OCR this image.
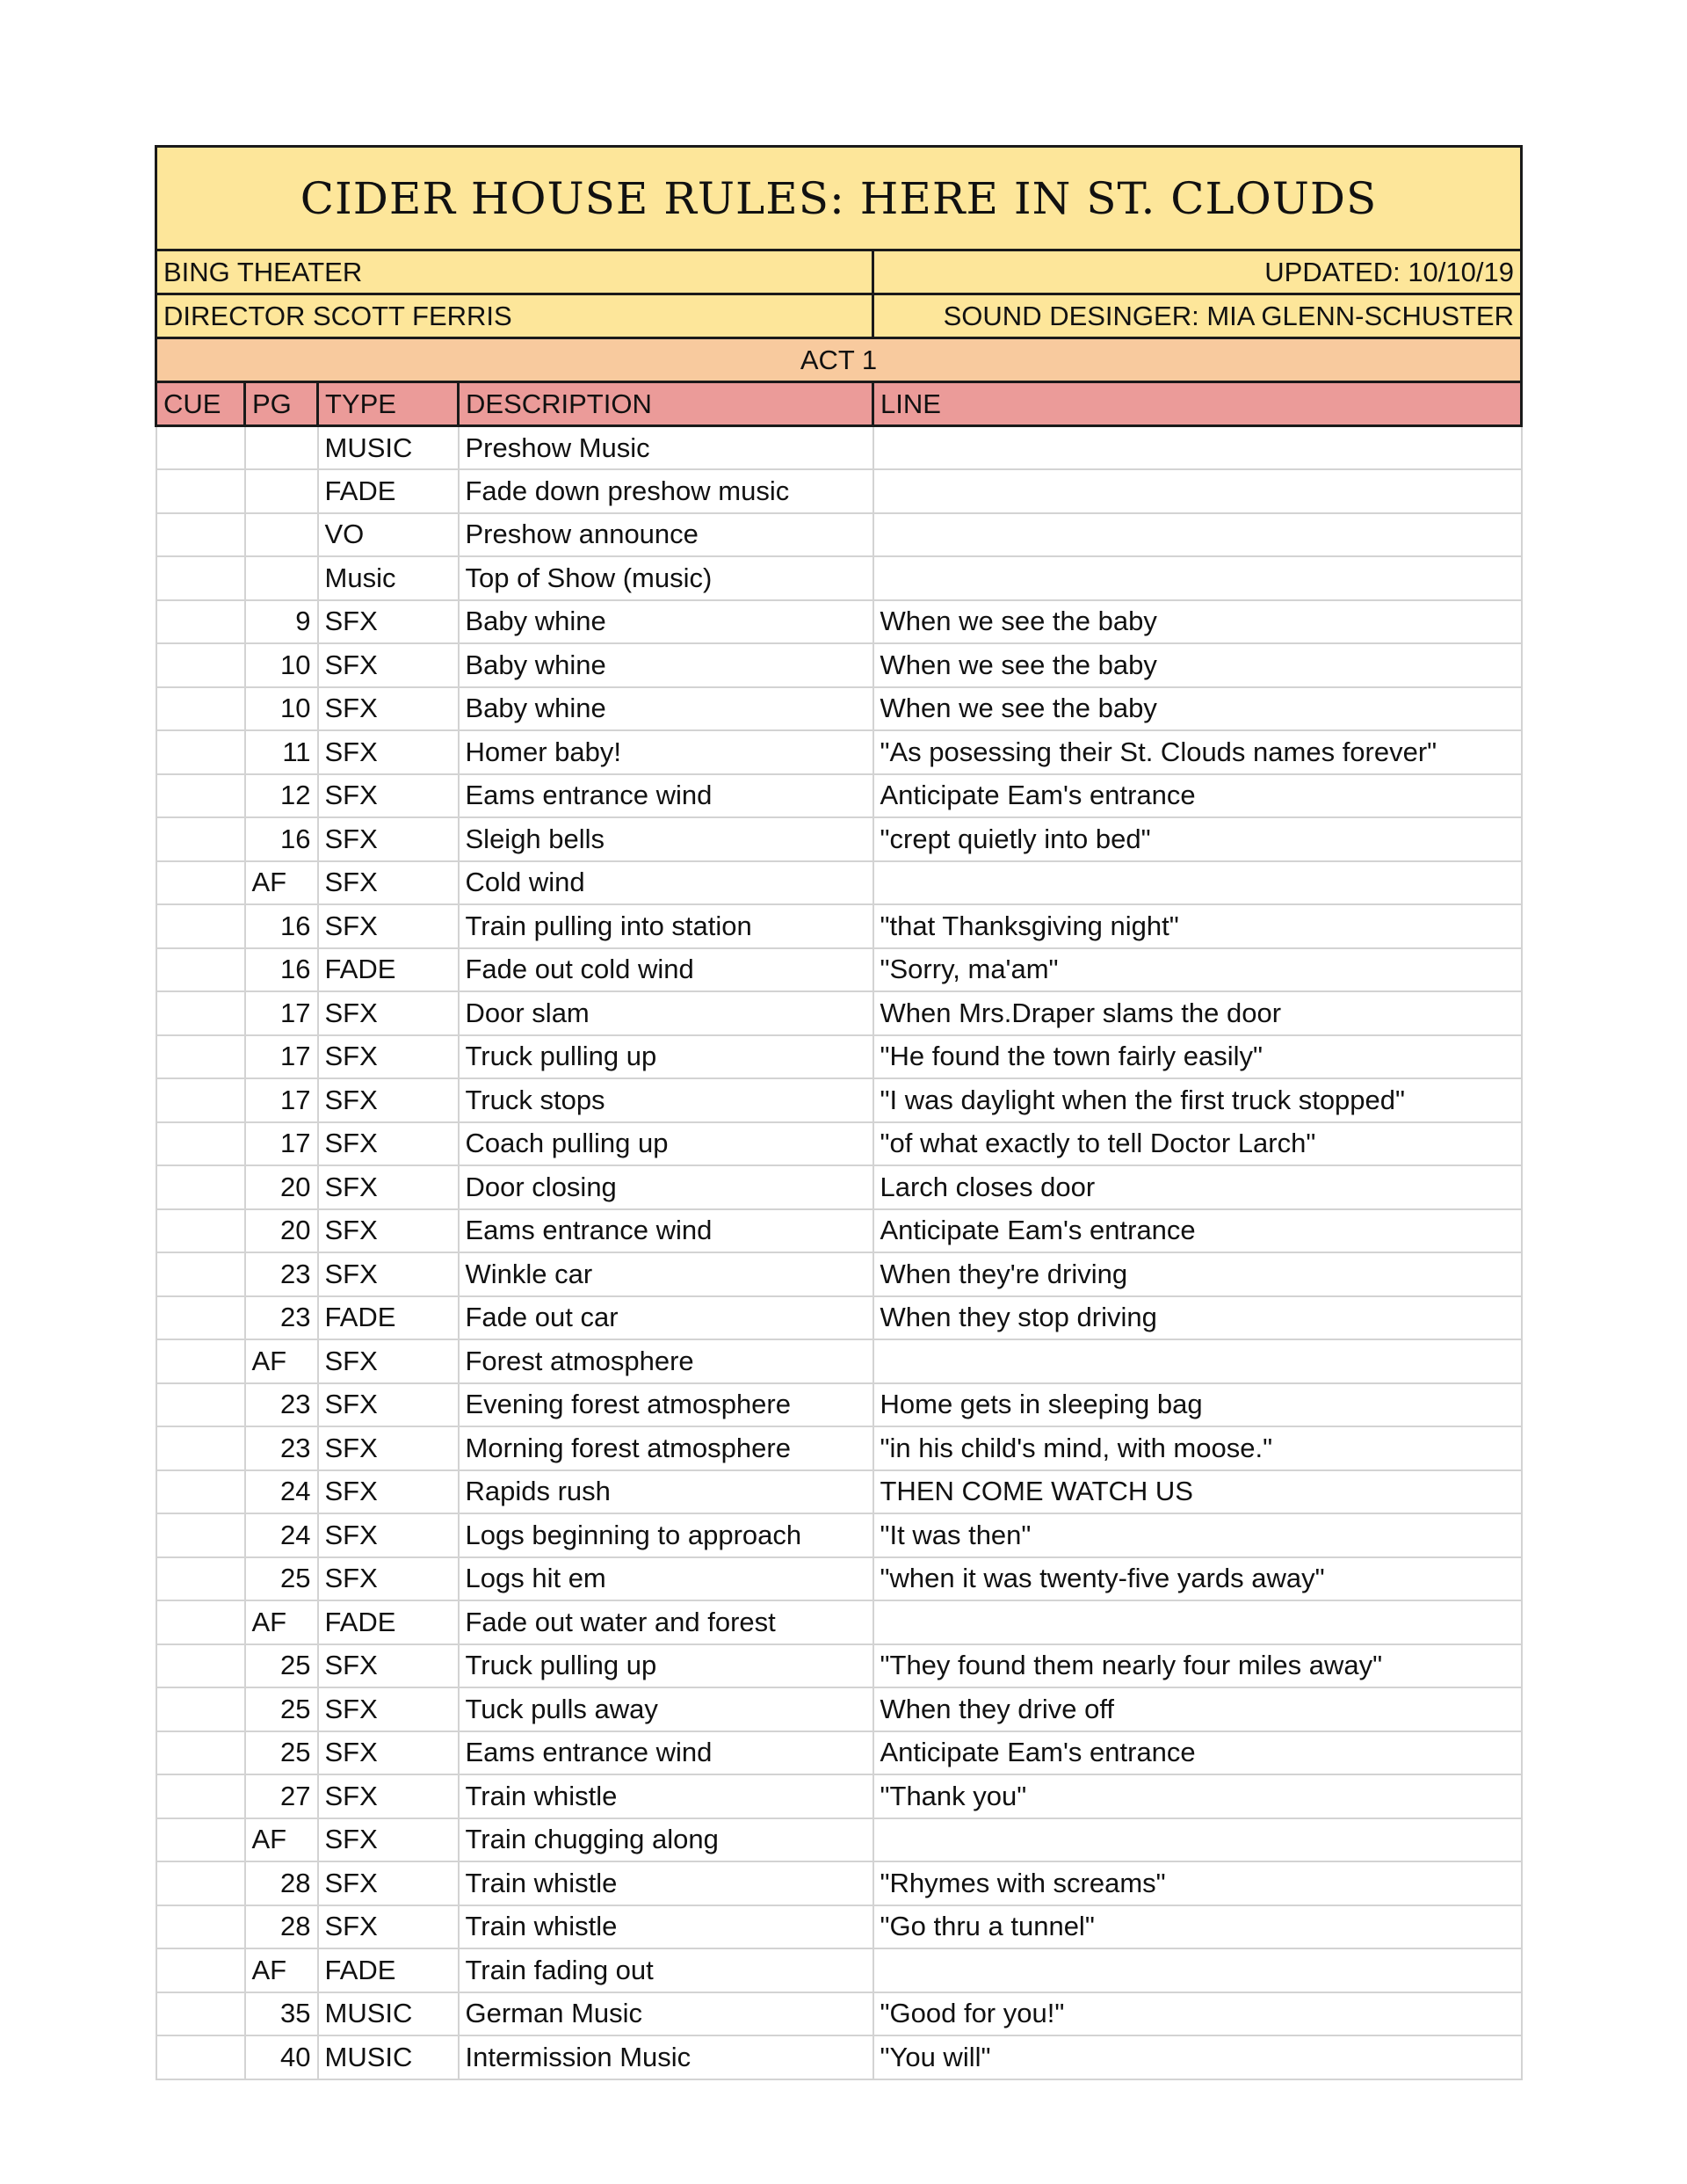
CIDER HOUSE RULES: HERE IN ST. CLOUDS				
BING THEATER				UPDATED: 10/10/19
DIRECTOR SCOTT FERRIS				SOUND DESINGER: MIA GLENN-SCHUSTER
ACT 1				
CUE	PG	TYPE	DESCRIPTION	LINE
		MUSIC	Preshow Music	
		FADE	Fade down preshow music	
		VO	Preshow announce	
		Music	Top of Show (music)	
	9	SFX	Baby whine	When we see the baby
	10	SFX	Baby whine	When we see the baby
	10	SFX	Baby whine	When we see the baby
	11	SFX	Homer baby!	"As posessing their St. Clouds names forever"
	12	SFX	Eams entrance wind	Anticipate Eam's entrance
	16	SFX	Sleigh bells	"crept quietly into bed"
	AF	SFX	Cold wind	
	16	SFX	Train pulling into station	"that Thanksgiving night"
	16	FADE	Fade out cold wind	"Sorry, ma'am"
	17	SFX	Door slam	When Mrs.Draper slams the door
	17	SFX	Truck pulling up	"He found the town fairly easily"
	17	SFX	Truck stops	"I was daylight when the first truck stopped"
	17	SFX	Coach pulling up	"of what exactly to tell Doctor Larch"
	20	SFX	Door closing	Larch closes door
	20	SFX	Eams entrance wind	Anticipate Eam's entrance
	23	SFX	Winkle car	When they're driving
	23	FADE	Fade out car	When they stop driving
	AF	SFX	Forest atmosphere	
	23	SFX	Evening forest atmosphere	Home gets in sleeping bag
	23	SFX	Morning forest atmosphere	"in his child's mind, with moose."
	24	SFX	Rapids rush	THEN COME WATCH US
	24	SFX	Logs beginning to approach	"It was then"
	25	SFX	Logs hit em	"when it was twenty-five yards away"
	AF	FADE	Fade out water and forest	
	25	SFX	Truck pulling up	"They found them nearly four miles away"
	25	SFX	Tuck pulls away	When they drive off
	25	SFX	Eams entrance wind	Anticipate Eam's entrance
	27	SFX	Train whistle	"Thank you"
	AF	SFX	Train chugging along	
	28	SFX	Train whistle	"Rhymes with screams"
	28	SFX	Train whistle	"Go thru a tunnel"
	AF	FADE	Train fading out	
	35	MUSIC	German Music	"Good for you!"
	40	MUSIC	Intermission Music	"You will"
